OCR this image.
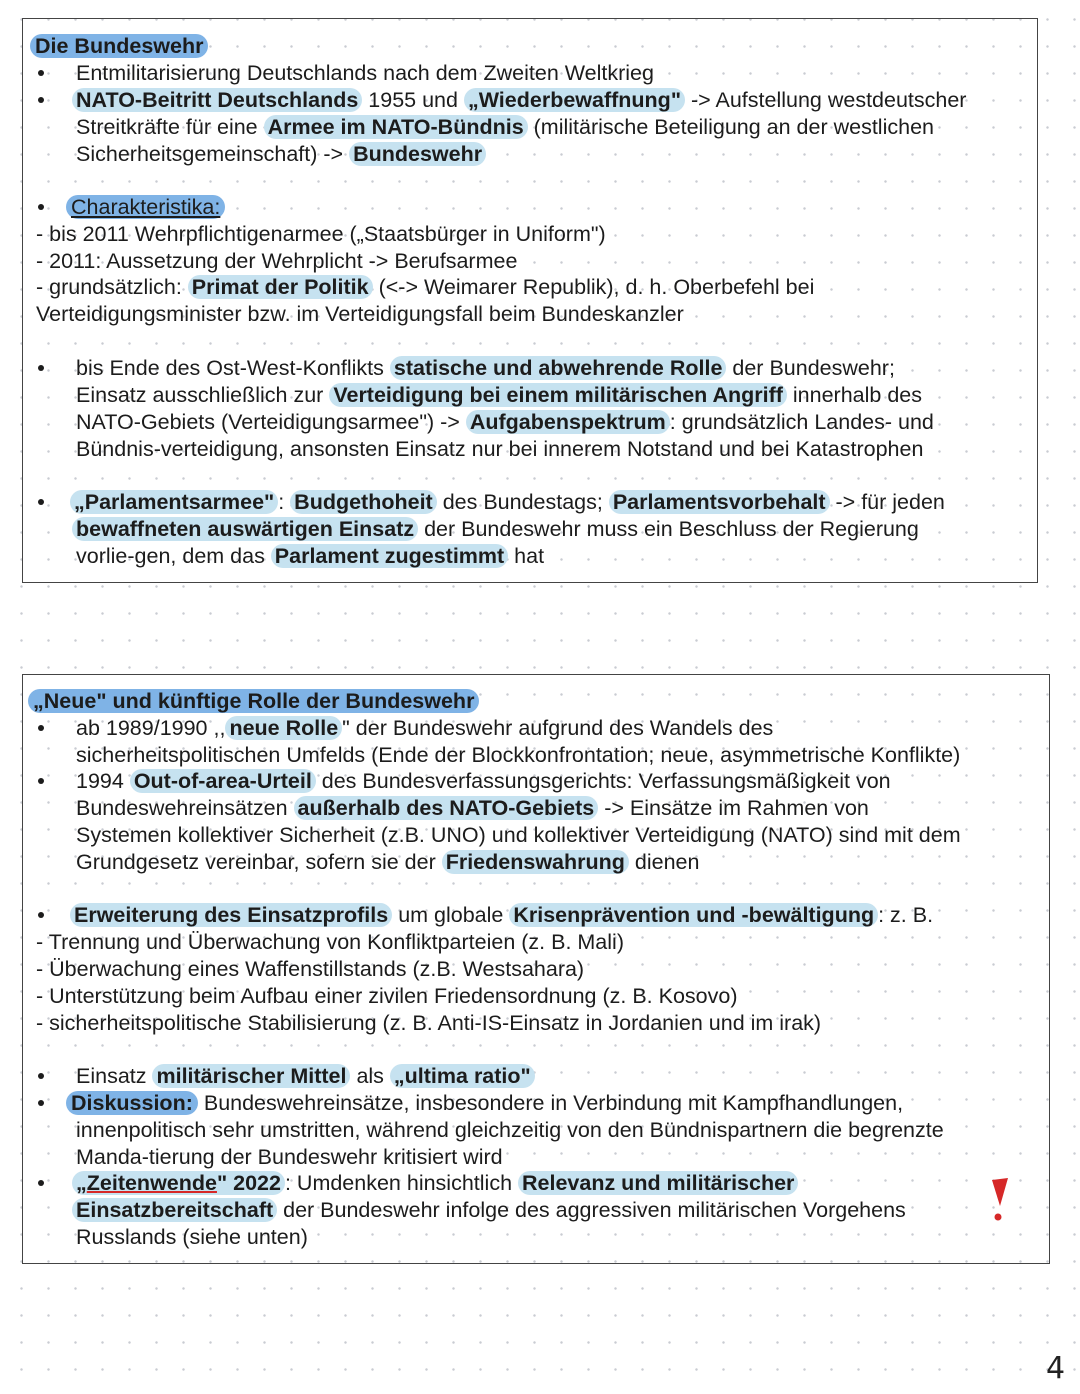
Die Bundeswehr
Entmilitarisierung Deutschlands nach dem Zweiten Weltkrieg
NATO-Beitritt Deutschlands 1955 und „Wiederbewaffnung" -> Aufstellung westdeutscher
Streitkräfte für eine Armee im NATO-Bündnis (militärische Beteiligung an der westlichen
Sicherheitsgemeinschaft) -> Bundeswehr
Charakteristika:
- bis 2011 Wehrpflichtigenarmee („Staatsbürger in Uniform")
- 2011: Aussetzung der Wehrplicht -> Berufsarmee
- grundsätzlich: Primat der Politik (<-> Weimarer Republik), d. h. Oberbefehl bei
Verteidigungsminister bzw. im Verteidigungsfall beim Bundeskanzler
bis Ende des Ost-West-Konflikts statische und abwehrende Rolle der Bundeswehr;
Einsatz ausschließlich zur Verteidigung bei einem militärischen Angriff innerhalb des
NATO-Gebiets (Verteidigungsarmee") -> Aufgabenspektrum : grundsätzlich Landes- und
Bündnis-verteidigung, ansonsten Einsatz nur bei innerem Notstand und bei Katastrophen
„Parlamentsarmee" : Budgethoheit des Bundestags; Parlamentsvorbehalt -> für jeden
bewaffneten auswärtigen Einsatz der Bundeswehr muss ein Beschluss der Regierung
vorlie-gen, dem das Parlament zugestimmt hat
„Neue" und künftige Rolle der Bundeswehr
ab 1989/1990 ,, neue Rolle " der Bundeswehr aufgrund des Wandels des
sicherheitspolitischen Umfelds (Ende der Blockkonfrontation; neue, asymmetrische Konflikte)
1994 Out-of-area-Urteil des Bundesverfassungsgerichts: Verfassungsmäßigkeit von
Bundeswehreinsätzen außerhalb des NATO-Gebiets -> Einsätze im Rahmen von
Systemen kollektiver Sicherheit (z.B. UNO) und kollektiver Verteidigung (NATO) sind mit dem
Grundgesetz vereinbar, sofern sie der Friedenswahrung dienen
Erweiterung des Einsatzprofils um globale Krisenprävention und -bewältigung : z. B.
- Trennung und Überwachung von Konfliktparteien (z. B. Mali)
- Überwachung eines Waffenstillstands (z.B. Westsahara)
- Unterstützung beim Aufbau einer zivilen Friedensordnung (z. B. Kosovo)
- sicherheitspolitische Stabilisierung (z. B. Anti-IS-Einsatz in Jordanien und im irak)
Einsatz militärischer Mittel als „ultima ratio"
Diskussion: Bundeswehreinsätze, insbesondere in Verbindung mit Kampfhandlungen,
innenpolitisch sehr umstritten, während gleichzeitig von den Bündnispartnern die begrenzte
Manda-tierung der Bundeswehr kritisiert wird
„Zeitenwende" 2022 : Umdenken hinsichtlich Relevanz und militärischer
Einsatzbereitschaft der Bundeswehr infolge des aggressiven militärischen Vorgehens
Russlands (siehe unten)
4
